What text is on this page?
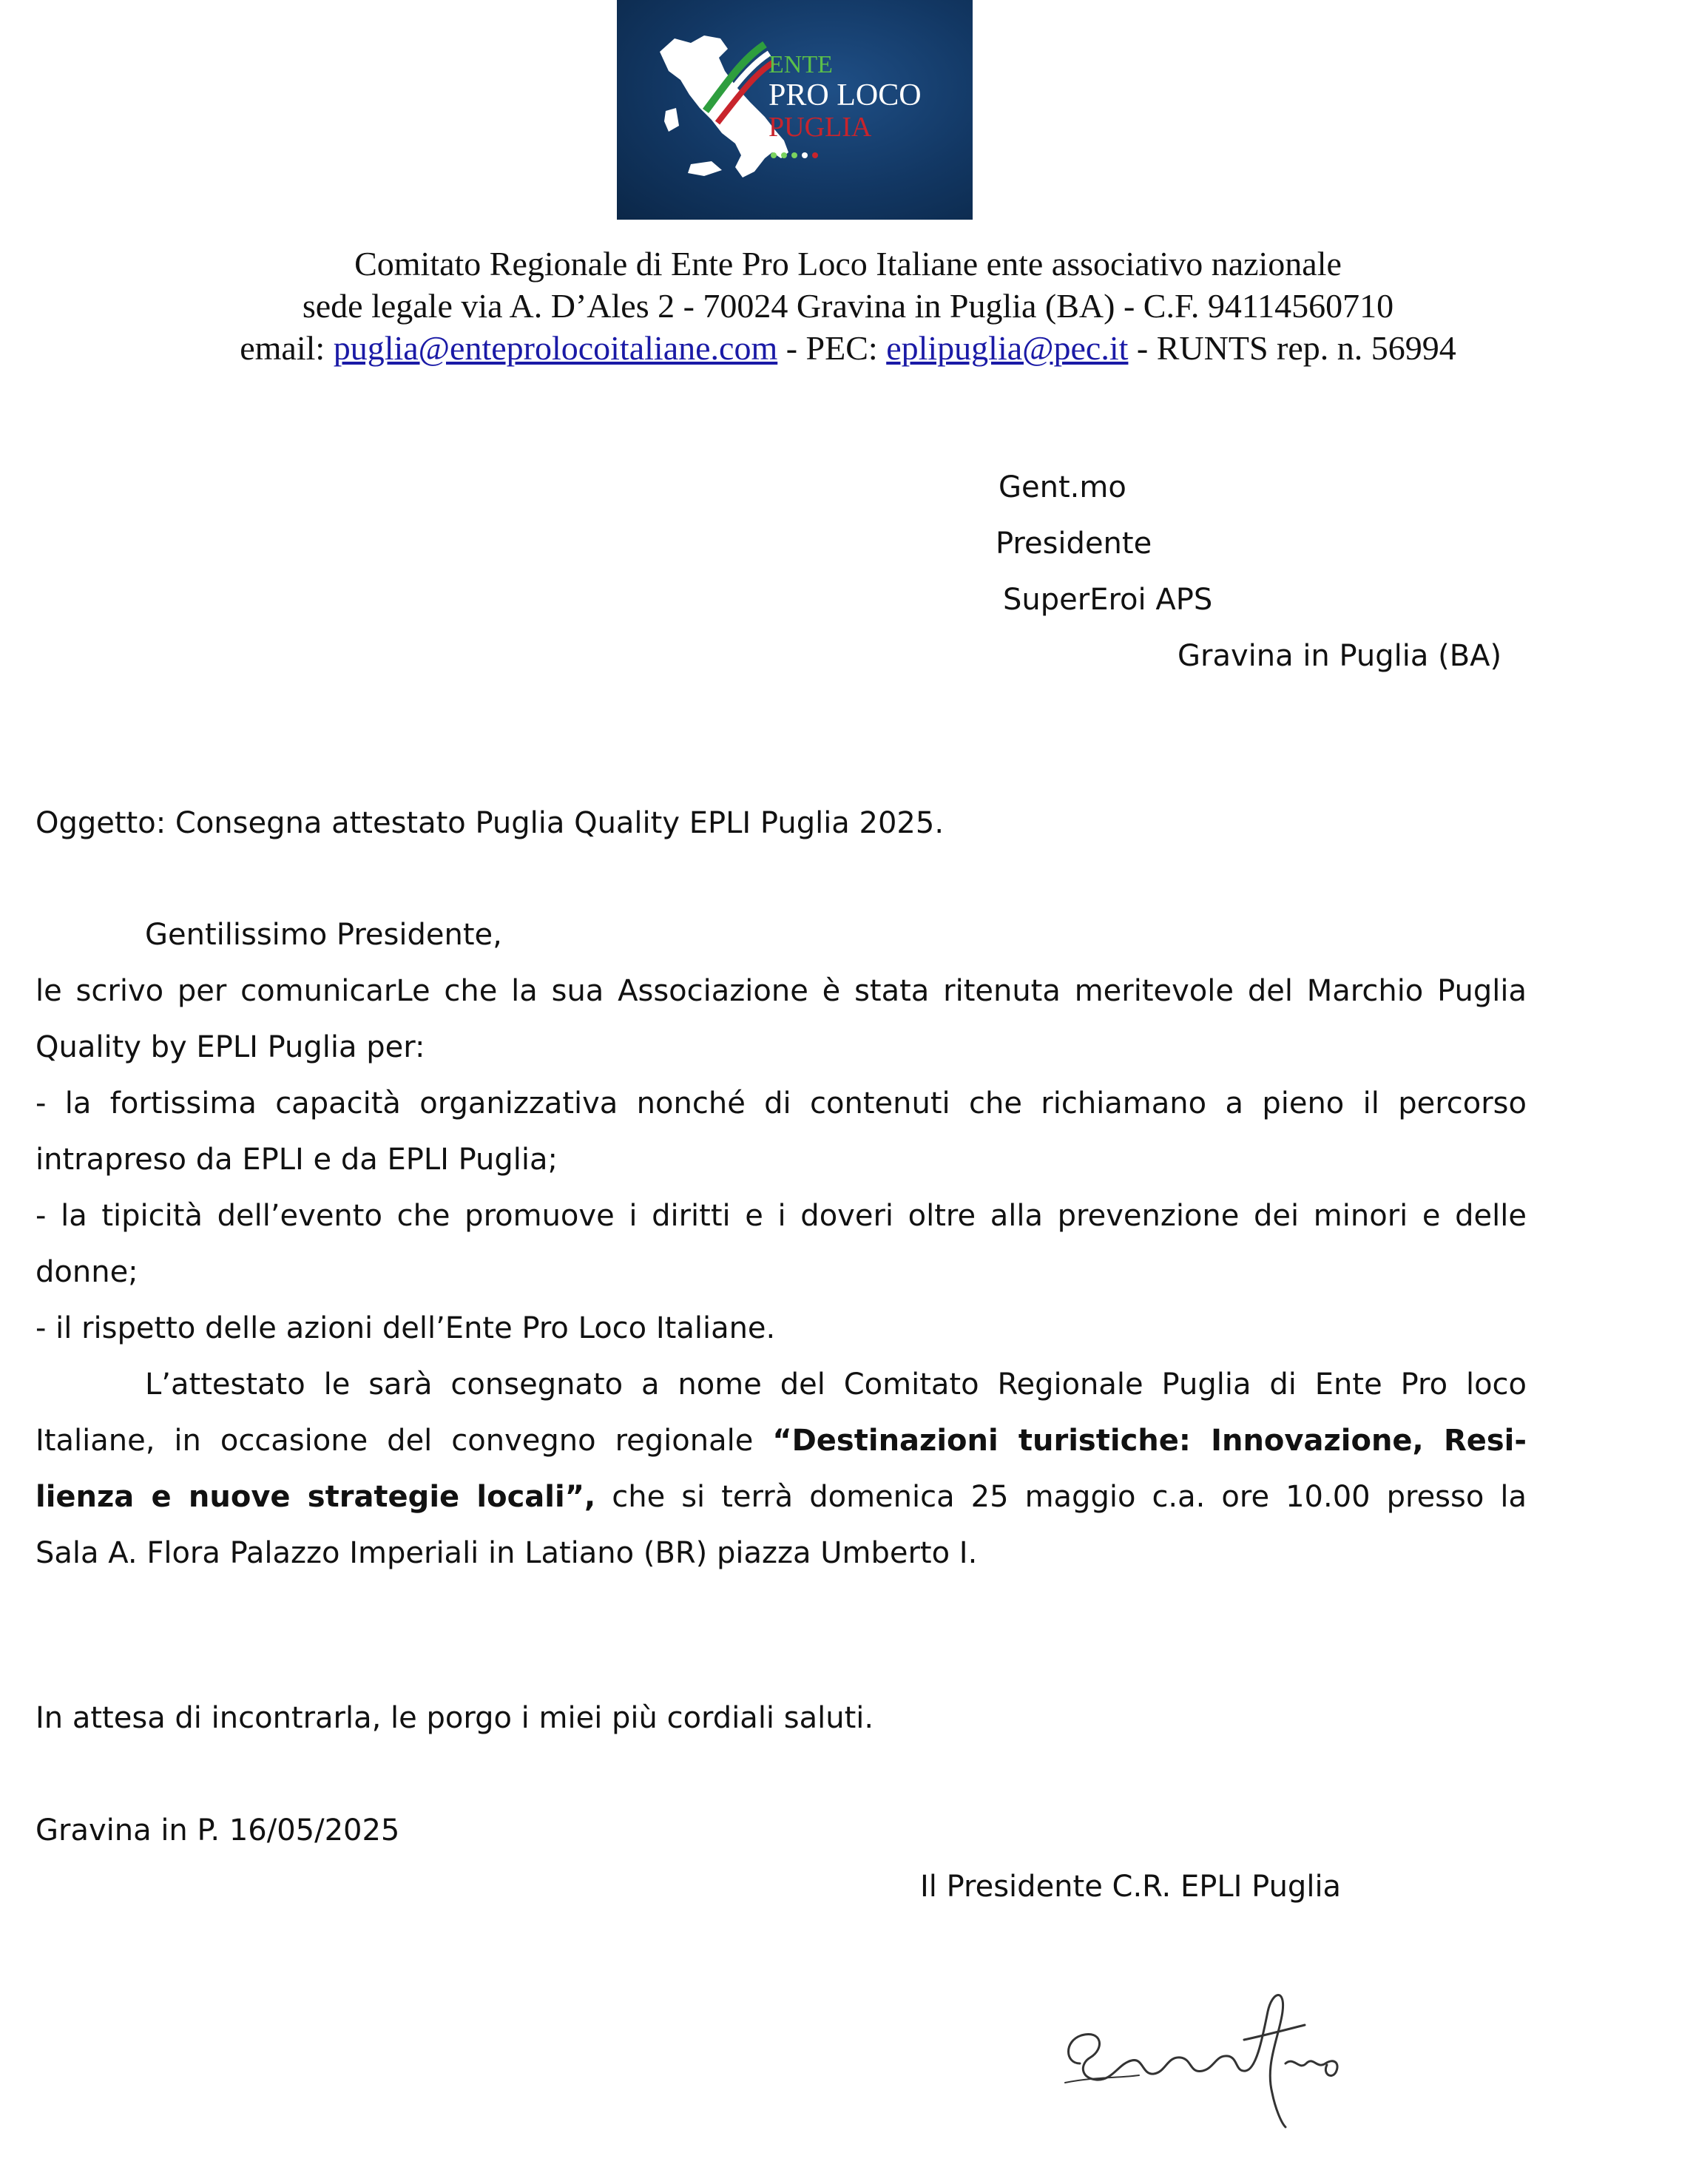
ENTE
PRO LOCO
PUGLIA
Comitato Regionale di Ente Pro Loco Italiane ente associativo nazionale
sede legale via A. D’Ales 2 - 70024 Gravina in Puglia (BA) - C.F. 94114560710
email: puglia@enteprolocoitaliane.com - PEC: eplipuglia@pec.it - RUNTS rep. n. 56994
Gent.mo
Presidente
SuperEroi APS
Gravina in Puglia (BA)
Oggetto: Consegna attestato Puglia Quality EPLI Puglia 2025.
Gentilissimo Presidente,
le scrivo per comunicarLe che la sua Associazione è stata ritenuta meritevole del Marchio Puglia
Quality by EPLI Puglia per:
- la fortissima capacità organizzativa nonché di contenuti che richiamano a pieno il percorso
intrapreso da EPLI e da EPLI Puglia;
- la tipicità dell’evento che promuove i diritti e i doveri oltre alla prevenzione dei minori e delle
donne;
- il rispetto delle azioni dell’Ente Pro Loco Italiane.
L’attestato le sarà consegnato a nome del Comitato Regionale Puglia di Ente Pro loco
Italiane, in occasione del convegno regionale “Destinazioni turistiche: Innovazione, Resi-
lienza e nuove strategie locali”, che si terrà domenica 25 maggio c.a. ore 10.00 presso la
Sala A. Flora Palazzo Imperiali in Latiano (BR) piazza Umberto I.
In attesa di incontrarla, le porgo i miei più cordiali saluti.
Gravina in P. 16/05/2025
Il Presidente C.R. EPLI Puglia
